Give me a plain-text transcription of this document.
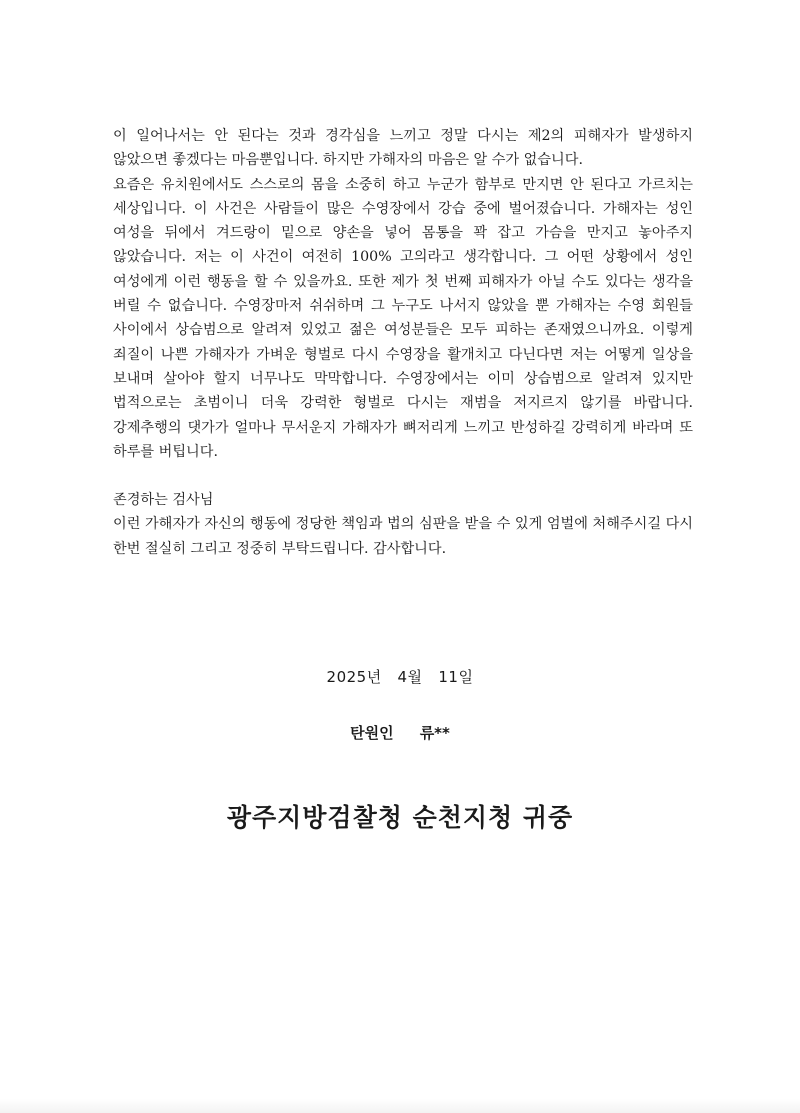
이 일어나서는 안 된다는 것과 경각심을 느끼고 정말 다시는 제2의 피해자가 발생하지 않았으면 좋겠다는 마음뿐입니다. 하지만 가해자의 마음은 알 수가 없습니다.

요즘은 유치원에서도 스스로의 몸을 소중히 하고 누군가 함부로 만지면 안 된다고 가르치는 세상입니다. 이 사건은 사람들이 많은 수영장에서 강습 중에 벌어졌습니다. 가해자는 성인 여성을 뒤에서 겨드랑이 밑으로 양손을 넣어 몸통을 꽉 잡고 가슴을 만지고 놓아주지 않았습니다. 저는 이 사건이 여전히 100% 고의라고 생각합니다. 그 어떤 상황에서 성인 여성에게 이런 행동을 할 수 있을까요. 또한 제가 첫 번째 피해자가 아닐 수도 있다는 생각을 버릴 수 없습니다. 수영장마저 쉬쉬하며 그 누구도 나서지 않았을 뿐 가해자는 수영 회원들 사이에서 상습범으로 알려져 있었고 젊은 여성분들은 모두 피하는 존재였으니까요. 이렇게 죄질이 나쁜 가해자가 가벼운 형벌로 다시 수영장을 활개치고 다닌다면 저는 어떻게 일상을 보내며 살아야 할지 너무나도 막막합니다. 수영장에서는 이미 상습범으로 알려져 있지만 법적으로는 초범이니 더욱 강력한 형벌로 다시는 재범을 저지르지 않기를 바랍니다. 강제추행의 댓가가 얼마나 무서운지 가해자가 뼈저리게 느끼고 반성하길 강력히게 바라며 또 하루를 버팁니다.

존경하는 검사님

이런 가해자가 자신의 행동에 정당한 책임과 법의 심판을 받을 수 있게 엄벌에 처해주시길 다시 한번 절실히 그리고 정중히 부탁드립니다. 감사합니다.

2025년   4월   11일
탄원인     류**
광주지방검찰청 순천지청 귀중
